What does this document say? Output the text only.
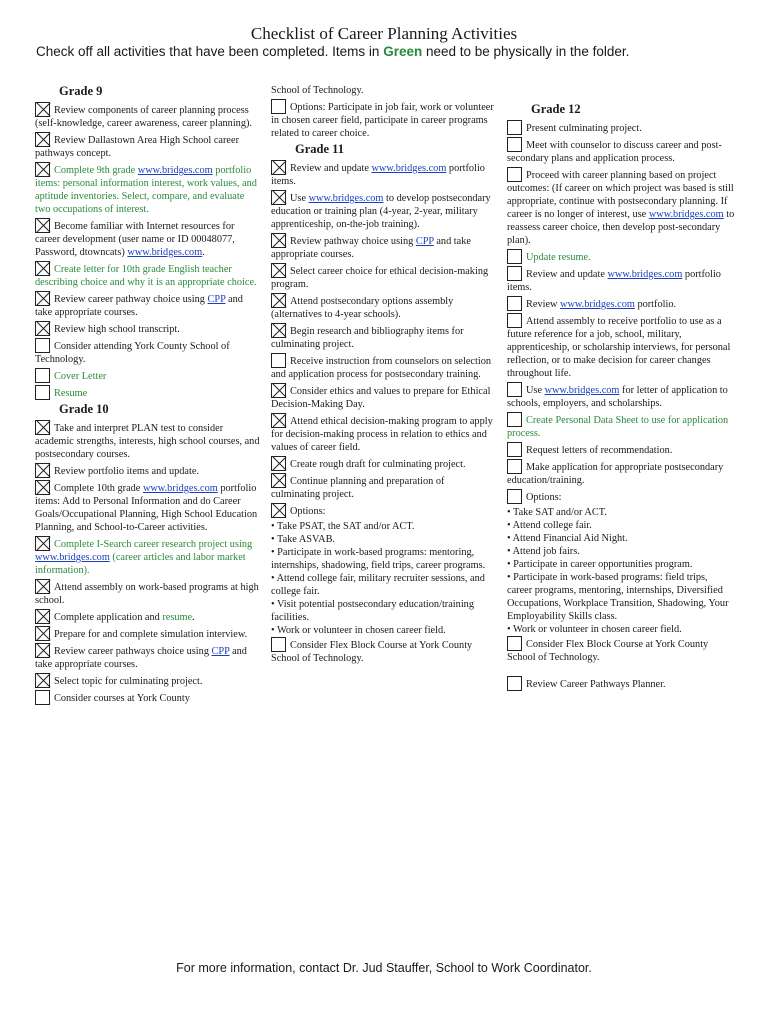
Checklist of Career Planning Activities
Check off all activities that have been completed. Items in Green need to be physically in the folder.
Grade 9
Review components of career planning process (self-knowledge, career awareness, career planning).
Review Dallastown Area High School career pathways concept.
Complete 9th grade www.bridges.com portfolio items: personal information interest, work values, and aptitude inventories. Select, compare, and evaluate two occupations of interest.
Become familiar with Internet resources for career development (user name or ID 00048077, Password, dtowncats) www.bridges.com.
Create letter for 10th grade English teacher describing choice and why it is an appropriate choice.
Review career pathway choice using CPP and take appropriate courses.
Review high school transcript.
Consider attending York County School of Technology.
Cover Letter
Resume
Grade 10
Take and interpret PLAN test to consider academic strengths, interests, high school courses, and postsecondary courses.
Review portfolio items and update.
Complete 10th grade www.bridges.com portfolio items: Add to Personal Information and do Career Goals/Occupational Planning, High School Education Planning, and School-to-Career activities.
Complete I-Search career research project using www.bridges.com (career articles and labor market information).
Attend assembly on work-based programs at high school.
Complete application and resume.
Prepare for and complete simulation interview.
Review career pathways choice using CPP and take appropriate courses.
Select topic for culminating project.
Consider courses at York County
School of Technology.
Options: Participate in job fair, work or volunteer in chosen career field, participate in career programs related to career choice.
Grade 11
Review and update www.bridges.com portfolio items.
Use www.bridges.com to develop postsecondary education or training plan (4-year, 2-year, military apprenticeship, on-the-job training).
Review pathway choice using CPP and take appropriate courses.
Select career choice for ethical decision-making program.
Attend postsecondary options assembly (alternatives to 4-year schools).
Begin research and bibliography items for culminating project.
Receive instruction from counselors on selection and application process for postsecondary training.
Consider ethics and values to prepare for Ethical Decision-Making Day.
Attend ethical decision-making program to apply for decision-making process in relation to ethics and values of career field.
Create rough draft for culminating project.
Continue planning and preparation of culminating project.
Options:
• Take PSAT, the SAT and/or ACT.
• Take ASVAB.
• Participate in work-based programs: mentoring, internships, shadowing, field trips, career programs.
• Attend college fair, military recruiter sessions, and college fair.
• Visit potential postsecondary education/training facilities.
• Work or volunteer in chosen career field.
Consider Flex Block Course at York County School of Technology.
Grade 12
Present culminating project.
Meet with counselor to discuss career and post-secondary plans and application process.
Proceed with career planning based on project outcomes: (If career on which project was based is still appropriate, continue with postsecondary planning. If career is no longer of interest, use www.bridges.com to reassess career choice, then develop post-secondary plan).
Update resume.
Review and update www.bridges.com portfolio items.
Review www.bridges.com portfolio.
Attend assembly to receive portfolio to use as a future reference for a job, school, military, apprenticeship, or scholarship interviews, for personal reflection, or to make decision for career changes throughout life.
Use www.bridges.com for letter of application to schools, employers, and scholarships.
Create Personal Data Sheet to use for application process.
Request letters of recommendation.
Make application for appropriate postsecondary education/training.
Options:
• Take SAT and/or ACT.
• Attend college fair.
• Attend Financial Aid Night.
• Attend job fairs.
• Participate in career opportunities program.
• Participate in work-based programs: field trips, career programs, mentoring, internships, Diversified Occupations, Workplace Transition, Shadowing, Your Employability Skills class.
• Work or volunteer in chosen career field.
Consider Flex Block Course at York County School of Technology.
Review Career Pathways Planner.
For more information, contact Dr. Jud Stauffer, School to Work Coordinator.
